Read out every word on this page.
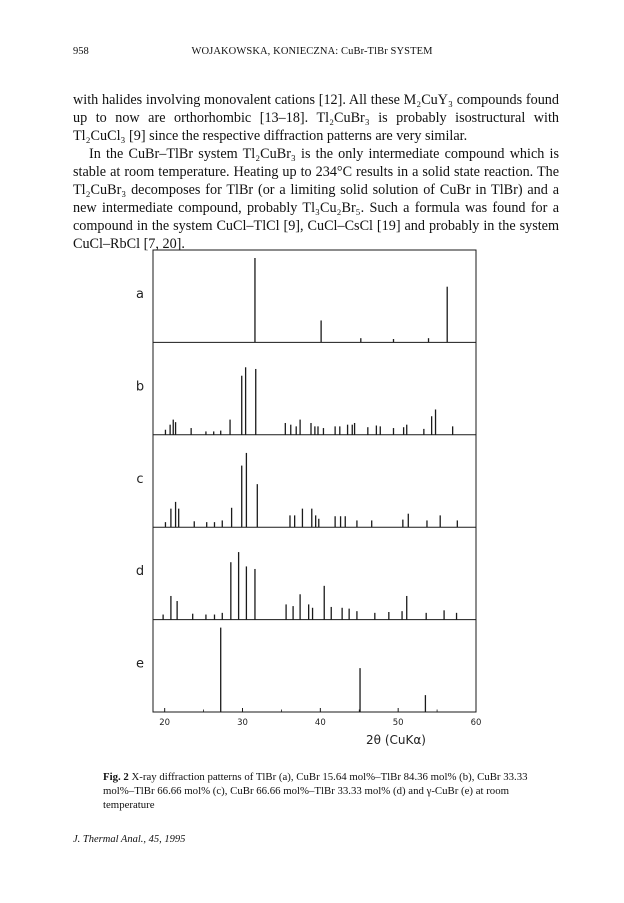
958	WOJAKOWSKA, KONIECZNA: CuBr-TlBr SYSTEM

with halides involving monovalent cations [12]. All these M₂CuY₃ compounds found up to now are orthorhombic [13–18]. Tl₂CuBr₃ is probably isostructural with Tl₂CuCl₃ [9] since the respective diffraction patterns are very similar.

In the CuBr–TlBr system Tl₂CuBr₃ is the only intermediate compound which is stable at room temperature. Heating up to 234°C results in a solid state reaction. The Tl₂CuBr₃ decomposes for TlBr (or a limiting solid solution of CuBr in TlBr) and a new intermediate compound, probably Tl₃Cu₂Br₅. Such a formula was found for a compound in the system CuCl–TlCl [9], CuCl–CsCl [19] and probably in the system CuCl–RbCl [7, 20].

a
b
c
d
e
20	30	40	50	60
2θ (CuKα)
Fig. 2 X-ray diffraction patterns of TlBr (a), CuBr 15.64 mol%–TlBr 84.36 mol% (b), CuBr 33.33 mol%–TlBr 66.66 mol% (c), CuBr 66.66 mol%–TlBr 33.33 mol% (d) and γ-CuBr (e) at room temperature
J. Thermal Anal., 45, 1995
